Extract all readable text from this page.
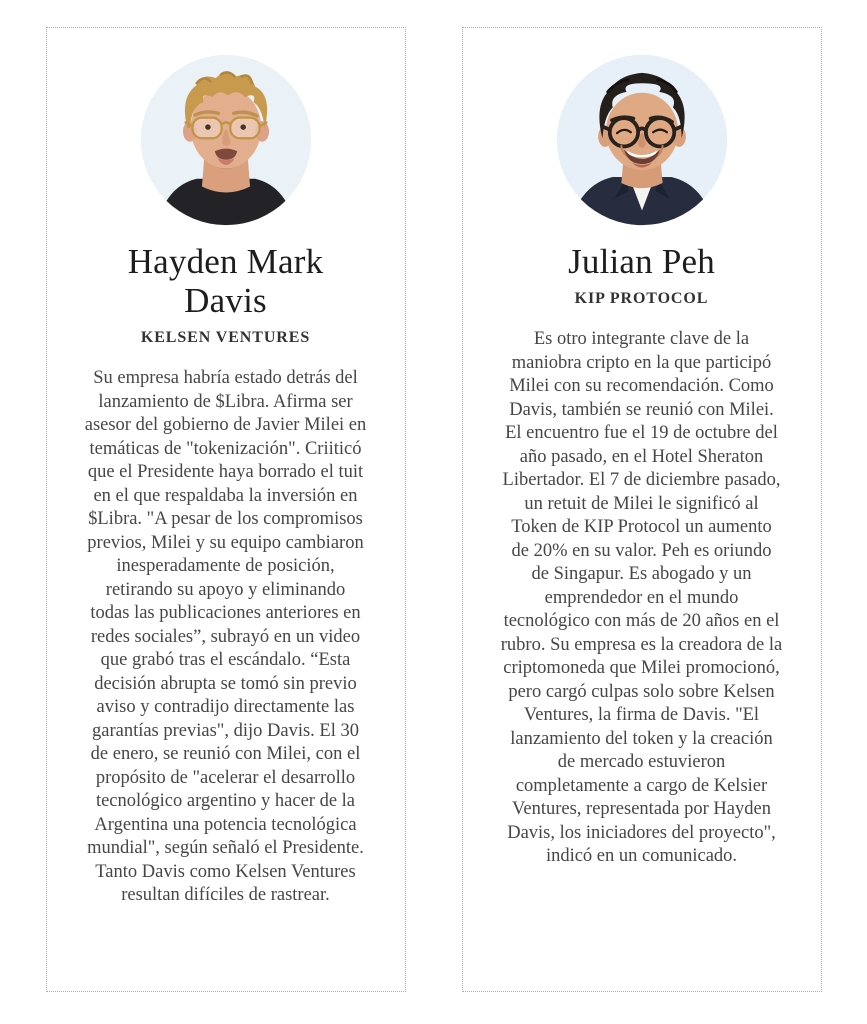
Hayden Mark Davis
KELSEN VENTURES

Su empresa habría estado detrás del lanzamiento de $Libra. Afirma ser asesor del gobierno de Javier Milei en temáticas de "tokenización". Criiticó que el Presidente haya borrado el tuit en el que respaldaba la inversión en $Libra. "A pesar de los compromisos previos, Milei y su equipo cambiaron inesperadamente de posición, retirando su apoyo y eliminando todas las publicaciones anteriores en redes sociales”, subrayó en un video que grabó tras el escándalo. “Esta decisión abrupta se tomó sin previo aviso y contradijo directamente las garantías previas", dijo Davis. El 30 de enero, se reunió con Milei, con el propósito de "acelerar el desarrollo tecnológico argentino y hacer de la Argentina una potencia tecnológica mundial", según señaló el Presidente. Tanto Davis como Kelsen Ventures resultan difíciles de rastrear.

Julian Peh
KIP PROTOCOL

Es otro integrante clave de la maniobra cripto en la que participó Milei con su recomendación. Como Davis, también se reunió con Milei. El encuentro fue el 19 de octubre del año pasado, en el Hotel Sheraton Libertador. El 7 de diciembre pasado, un retuit de Milei le significó al Token de KIP Protocol un aumento de 20% en su valor. Peh es oriundo de Singapur. Es abogado y un emprendedor en el mundo tecnológico con más de 20 años en el rubro. Su empresa es la creadora de la criptomoneda que Milei promocionó, pero cargó culpas solo sobre Kelsen Ventures, la firma de Davis. "El lanzamiento del token y la creación de mercado estuvieron completamente a cargo de Kelsier Ventures, representada por Hayden Davis, los iniciadores del proyecto", indicó en un comunicado.
